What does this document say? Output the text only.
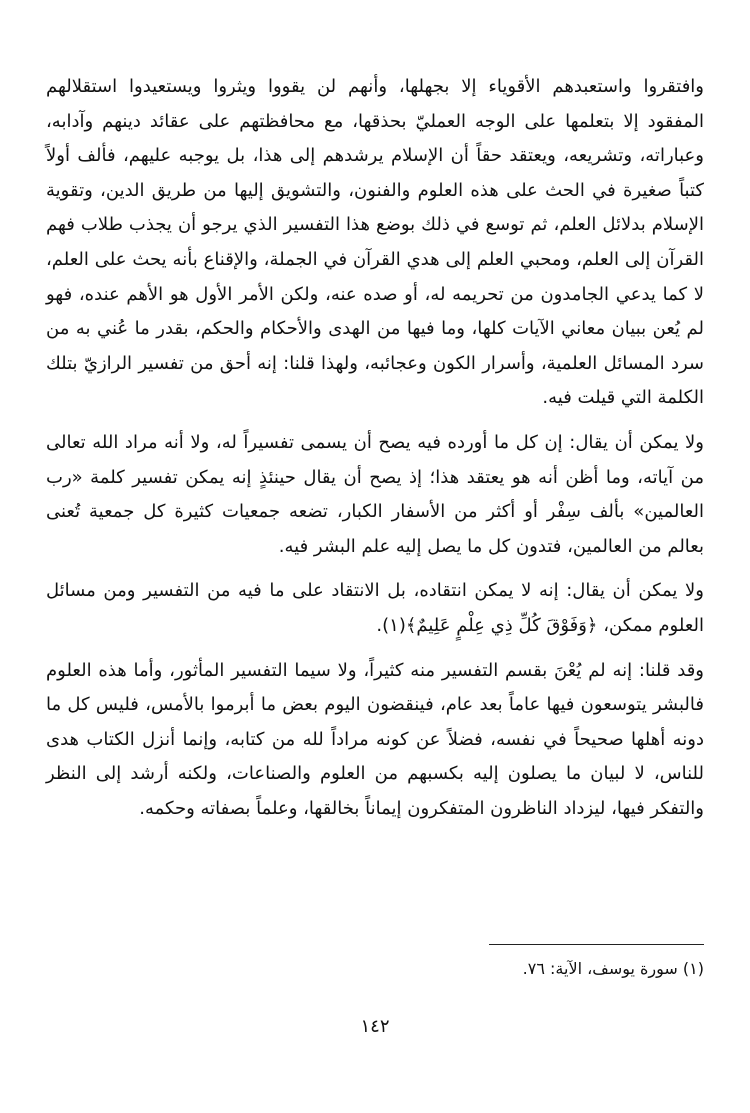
وافتقروا واستعبدهم الأقوياء إلا بجهلها، وأنهم لن يقووا ويثروا ويستعيدوا استقلالهم المفقود إلا بتعلمها على الوجه العمليّ بحذقها، مع محافظتهم على عقائد دينهم وآدابه، وعباراته، وتشريعه، ويعتقد حقاً أن الإسلام يرشدهم إلى هذا، بل يوجبه عليهم، فألف أولاً كتباً صغيرة في الحث على هذه العلوم والفنون، والتشويق إليها من طريق الدين، وتقوية الإسلام بدلائل العلم، ثم توسع في ذلك بوضع هذا التفسير الذي يرجو أن يجذب طلاب فهم القرآن إلى العلم، ومحبي العلم إلى هدي القرآن في الجملة، والإقناع بأنه يحث على العلم، لا كما يدعي الجامدون من تحريمه له، أو صده عنه، ولكن الأمر الأول هو الأهم عنده، فهو لم يُعن ببيان معاني الآيات كلها، وما فيها من الهدى والأحكام والحكم، بقدر ما عُني به من سرد المسائل العلمية، وأسرار الكون وعجائبه، ولهذا قلنا: إنه أحق من تفسير الرازيّ بتلك الكلمة التي قيلت فيه.

ولا يمكن أن يقال: إن كل ما أورده فيه يصح أن يسمى تفسيراً له، ولا أنه مراد الله تعالى من آياته، وما أظن أنه هو يعتقد هذا؛ إذ يصح أن يقال حينئذٍ إنه يمكن تفسير كلمة «رب العالمين» بألف سِفْر أو أكثر من الأسفار الكبار، تضعه جمعيات كثيرة كل جمعية تُعنى بعالم من العالمين، فتدون كل ما يصل إليه علم البشر فيه.

ولا يمكن أن يقال: إنه لا يمكن انتقاده، بل الانتقاد على ما فيه من التفسير ومن مسائل العلوم ممكن، ﴿وَفَوْقَ كُلِّ ذِي عِلْمٍ عَلِيمٌ﴾(١).

وقد قلنا: إنه لم يُعْنَ بقسم التفسير منه كثيراً، ولا سيما التفسير المأثور، وأما هذه العلوم فالبشر يتوسعون فيها عاماً بعد عام، فينقضون اليوم بعض ما أبرموا بالأمس، فليس كل ما دونه أهلها صحيحاً في نفسه، فضلاً عن كونه مراداً لله من كتابه، وإنما أنزل الكتاب هدى للناس، لا لبيان ما يصلون إليه بكسبهم من العلوم والصناعات، ولكنه أرشد إلى النظر والتفكر فيها، ليزداد الناظرون المتفكرون إيماناً بخالقها، وعلماً بصفاته وحكمه.

(١) سورة يوسف، الآية: ٧٦.
١٤٢
